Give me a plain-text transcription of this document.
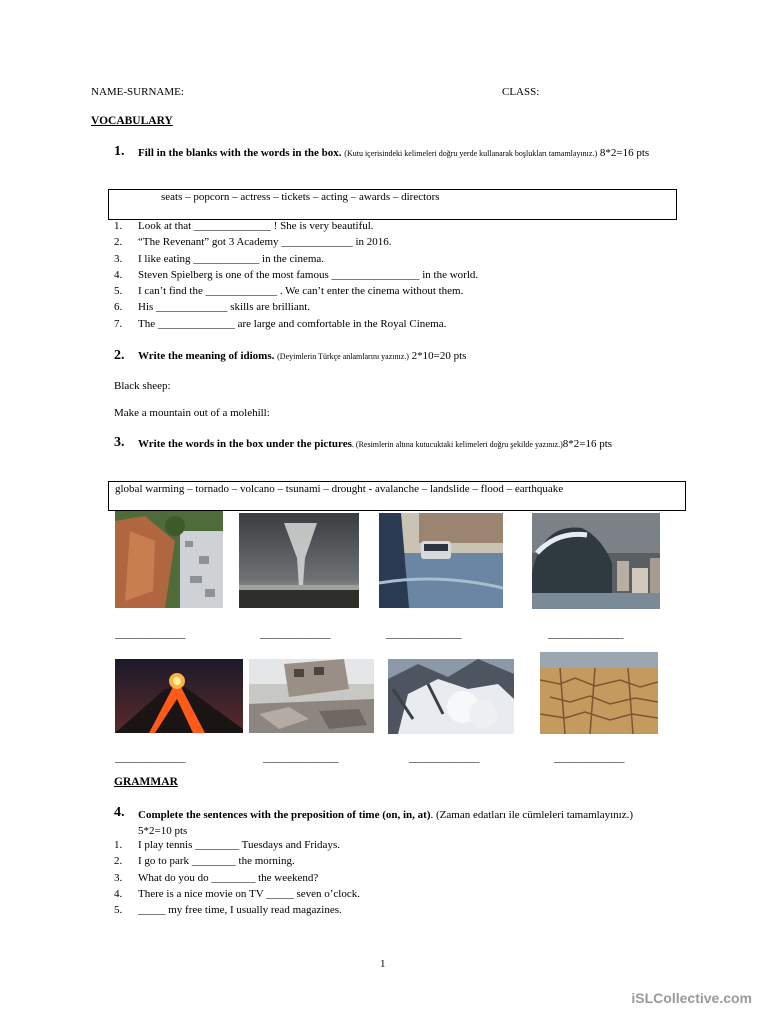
NAME-SURNAME:	CLASS:
VOCABULARY
1. Fill in the blanks with the words in the box. (Kutu içerisindeki kelimeleri doğru yerde kullanarak boşlukları tamamlayınız.) 8*2=16 pts
seats – popcorn – actress – tickets – acting – awards – directors
1. Look at that ______________ ! She is very beautiful.
2. “The Revenant” got 3 Academy _____________ in 2016.
3. I like eating ____________ in the cinema.
4. Steven Spielberg is one of the most famous ________________ in the world.
5. I can’t find the _____________ . We can’t enter the cinema without them.
6. His _____________ skills are brilliant.
7. The ______________ are large and comfortable in the Royal Cinema.
2. Write the meaning of idioms. (Deyimlerin Türkçe anlamlarını yazınız.) 2*10=20 pts
Black sheep:
Make a mountain out of a molehill:
3. Write the words in the box under the pictures. (Resimlerin altına kutucuktaki kelimeleri doğru şekilde yazınız.)8*2=16 pts
global warming – tornado – volcano – tsunami – drought - avalanche – landslide – flood – earthquake
______________	______________	_______________	_______________
______________	_______________	______________	______________
GRAMMAR
4. Complete the sentences with the preposition of time (on, in, at). (Zaman edatları ile cümleleri tamamlayınız.) 5*2=10 pts
1. I play tennis ________ Tuesdays and Fridays.
2. I go to park ________ the morning.
3. What do you do ________ the weekend?
4. There is a nice movie on TV _____ seven o’clock.
5. _____ my free time, I usually read magazines.
1
iSLCollective.com
